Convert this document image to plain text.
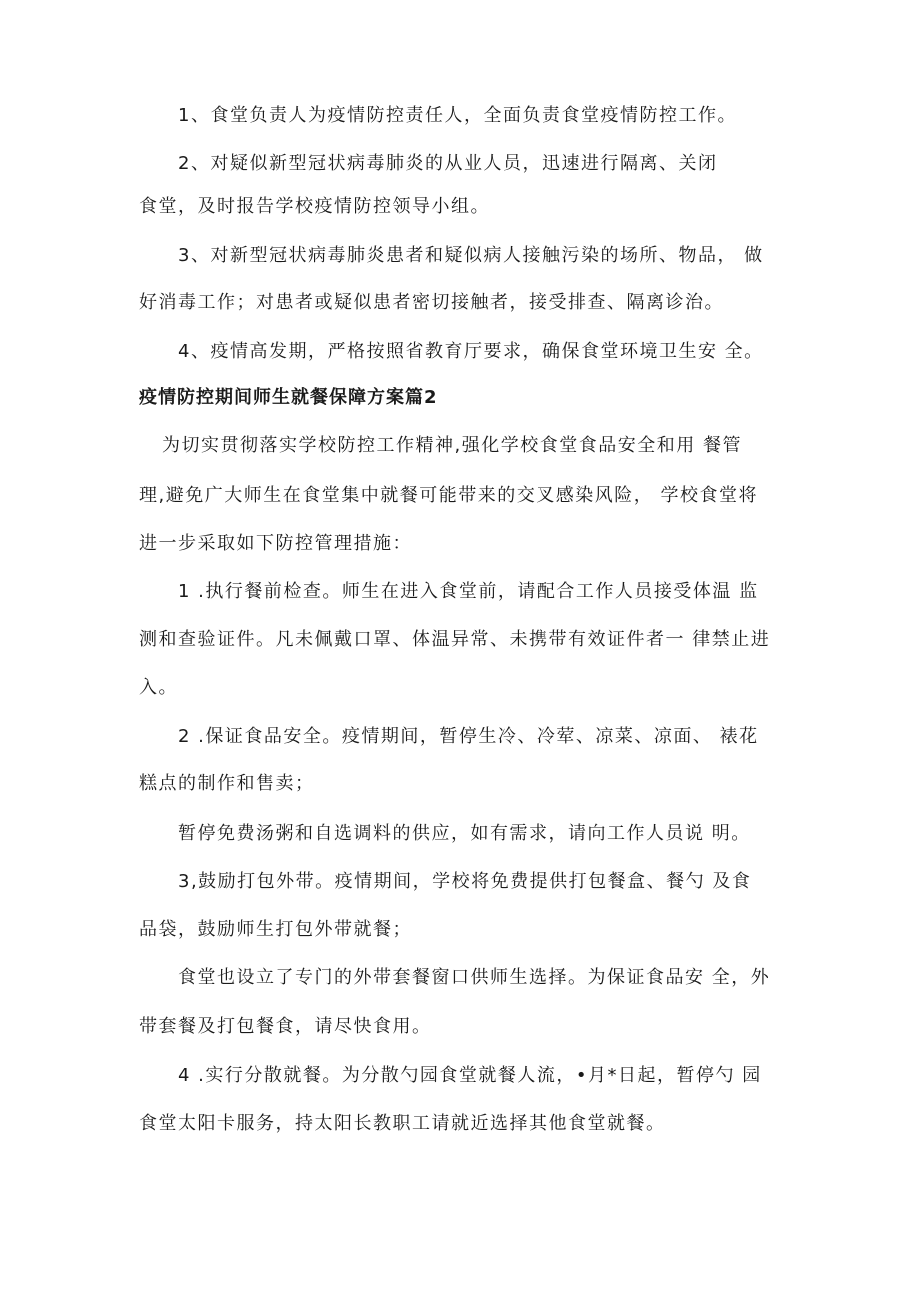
1、食堂负责人为疫情防控责任人，全面负责食堂疫情防控工作。
2、对疑似新型冠状病毒肺炎的从业人员，迅速进行隔离、关闭
食堂，及时报告学校疫情防控领导小组。
3、对新型冠状病毒肺炎患者和疑似病人接触污染的场所、物品， 做
好消毒工作；对患者或疑似患者密切接触者，接受排查、隔离诊治。
4、疫情高发期，严格按照省教育厅要求，确保食堂环境卫生安 全。
疫情防控期间师生就餐保障方案篇2
为切实贯彻落实学校防控工作精神,强化学校食堂食品安全和用 餐管
理,避免广大师生在食堂集中就餐可能带来的交叉感染风险， 学校食堂将
进一步采取如下防控管理措施：
1 .执行餐前检查。师生在进入食堂前，请配合工作人员接受体温 监
测和查验证件。凡未佩戴口罩、体温异常、未携带有效证件者一 律禁止进
入。
2 .保证食品安全。疫情期间，暂停生冷、冷荤、凉菜、凉面、 裱花
糕点的制作和售卖；
暂停免费汤粥和自选调料的供应，如有需求，请向工作人员说 明。
3,鼓励打包外带。疫情期间，学校将免费提供打包餐盒、餐勺 及食
品袋，鼓励师生打包外带就餐；
食堂也设立了专门的外带套餐窗口供师生选择。为保证食品安 全，外
带套餐及打包餐食，请尽快食用。
4 .实行分散就餐。为分散勺园食堂就餐人流，•月*日起，暂停勺 园
食堂太阳卡服务，持太阳长教职工请就近选择其他食堂就餐。
